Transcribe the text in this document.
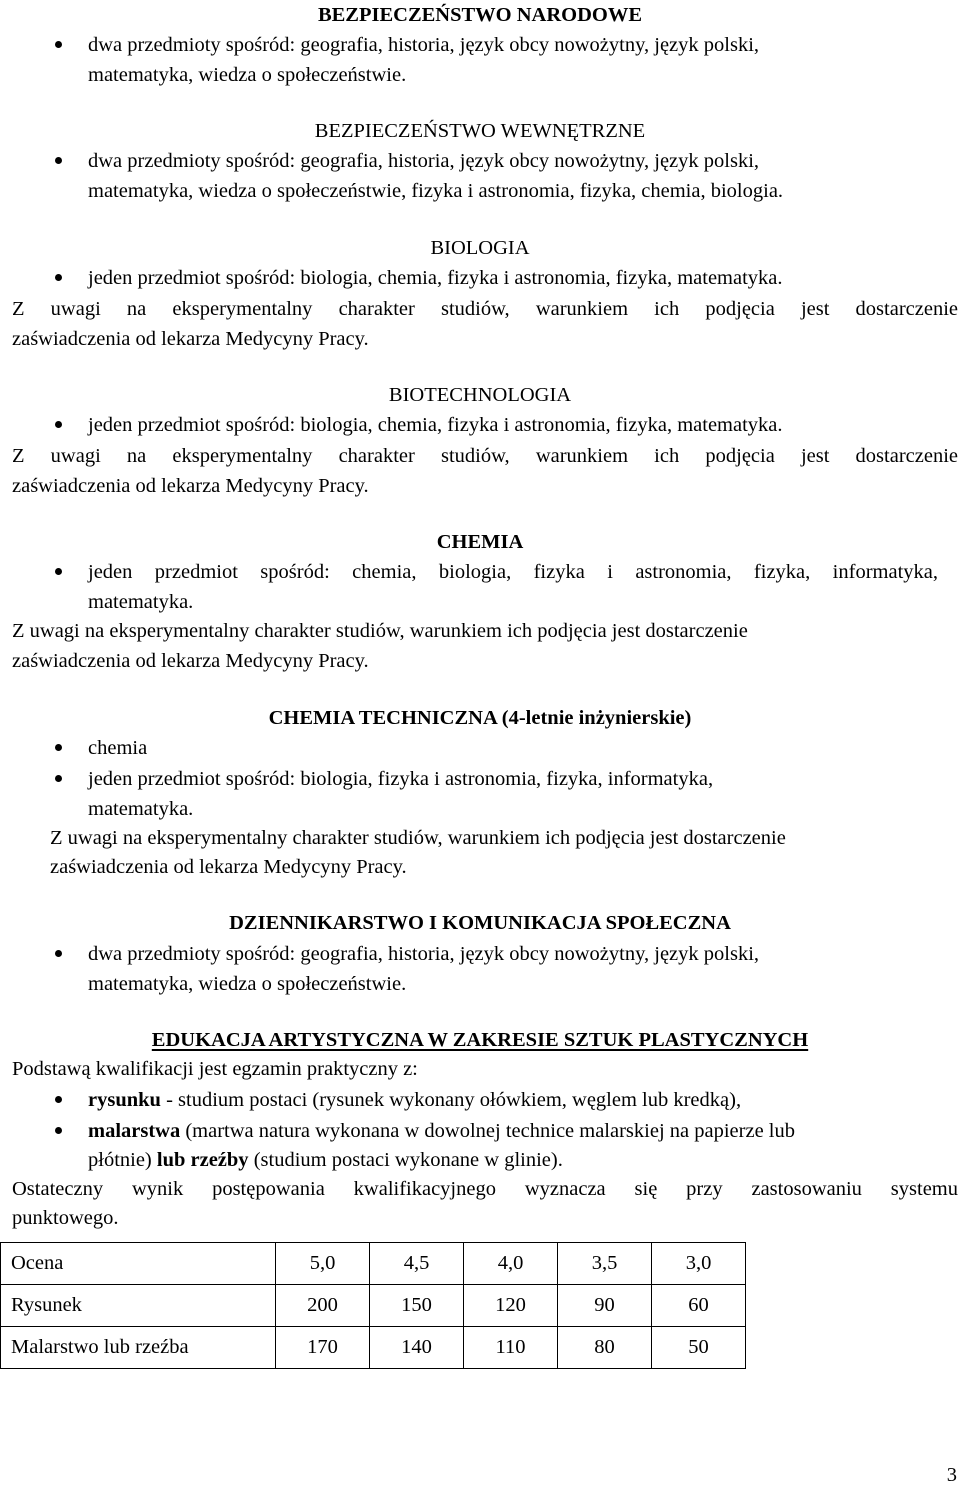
BEZPIECZEŃSTWO NARODOWE
dwa przedmioty spośród: geografia, historia, język obcy nowożytny, język polski,
matematyka, wiedza o społeczeństwie.
BEZPIECZEŃSTWO WEWNĘTRZNE
dwa przedmioty spośród: geografia, historia, język obcy nowożytny, język polski,
matematyka, wiedza o społeczeństwie, fizyka i astronomia, fizyka, chemia, biologia.
BIOLOGIA
jeden przedmiot spośród: biologia, chemia, fizyka i astronomia, fizyka, matematyka.
Z uwagi na eksperymentalny charakter studiów, warunkiem ich podjęcia jest dostarczenie
zaświadczenia od lekarza Medycyny Pracy.
BIOTECHNOLOGIA
jeden przedmiot spośród: biologia, chemia, fizyka i astronomia, fizyka, matematyka.
Z uwagi na eksperymentalny charakter studiów, warunkiem ich podjęcia jest dostarczenie
zaświadczenia od lekarza Medycyny Pracy.
CHEMIA
jeden przedmiot spośród: chemia, biologia, fizyka i astronomia, fizyka, informatyka,
matematyka.
Z uwagi na eksperymentalny charakter studiów, warunkiem ich podjęcia jest dostarczenie
zaświadczenia od lekarza Medycyny Pracy.
CHEMIA TECHNICZNA (4-letnie inżynierskie)
chemia
jeden przedmiot spośród: biologia, fizyka i astronomia, fizyka, informatyka,
matematyka.
Z uwagi na eksperymentalny charakter studiów, warunkiem ich podjęcia jest dostarczenie
zaświadczenia od lekarza Medycyny Pracy.
DZIENNIKARSTWO I KOMUNIKACJA SPOŁECZNA
dwa przedmioty spośród: geografia, historia, język obcy nowożytny, język polski,
matematyka, wiedza o społeczeństwie.
EDUKACJA ARTYSTYCZNA W ZAKRESIE SZTUK PLASTYCZNYCH
Podstawą kwalifikacji jest egzamin praktyczny z:
rysunku - studium postaci (rysunek wykonany ołówkiem, węglem lub kredką),
malarstwa (martwa natura wykonana w dowolnej technice malarskiej na papierze lub
płótnie) lub rzeźby (studium postaci wykonane w glinie).
Ostateczny wynik postępowania kwalifikacyjnego wyznacza się przy zastosowaniu systemu
punktowego.
Ocena	5,0	4,5	4,0	3,5	3,0
Rysunek	200	150	120	90	60
Malarstwo lub rzeźba	170	140	110	80	50
3
